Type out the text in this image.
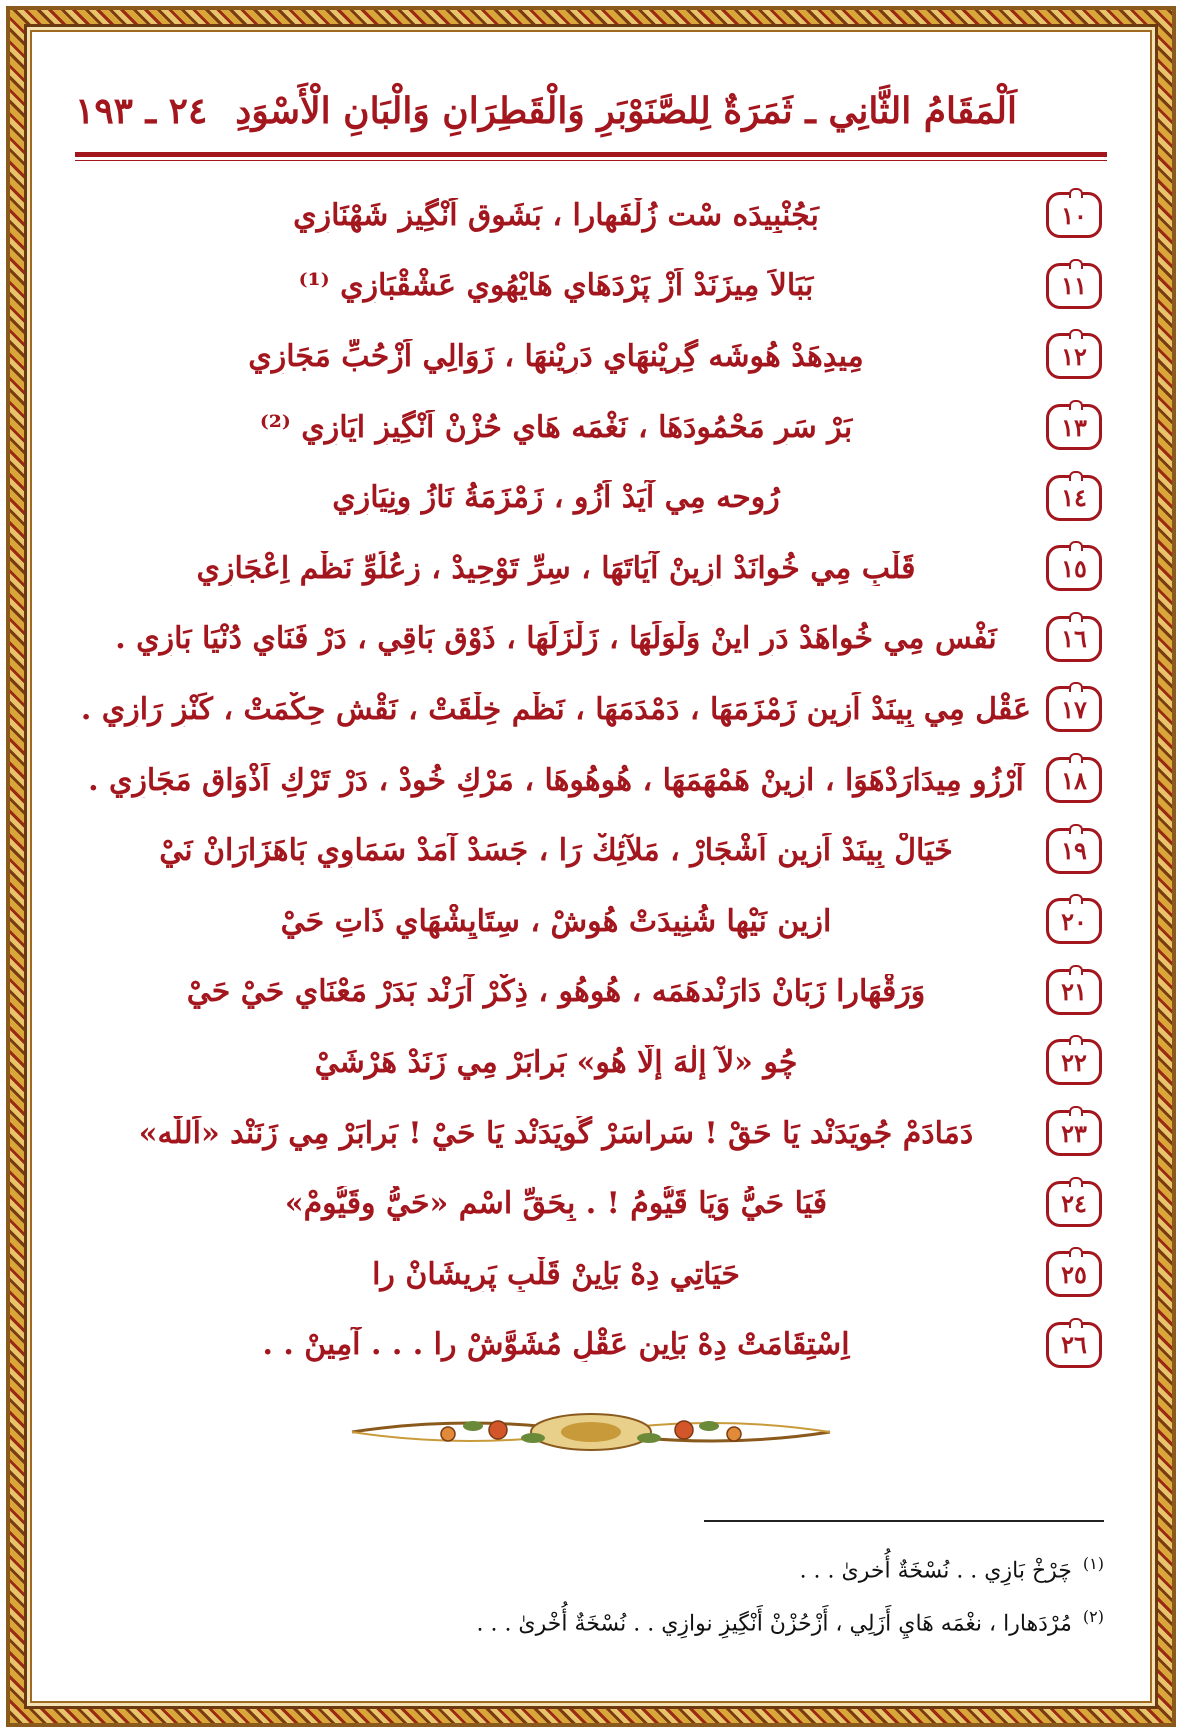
اَلْمَقَامُ الثَّانِي ـ ثَمَرَةٌ لِلصَّنَوْبَرِ وَالْقَطِرَانِ وَالْبَانِ الْأَسْوَدِ
٢٤ ـ ١٩٣
١٠
بَجُنْبِيدَه سْت زُلْفَهارا ، بَشَوق اَنْگِيز شَهْنَازِي
١١
بَبَالاَ مِيزَنَدْ اَزْ پَرْدَهَايِ هَايْهُوِي عَشْقْبَازِي ⁽¹⁾
١٢
مِيدِهَدْ هُوشَه گِرِيْنهَايِ دَرِيْنهَا ، زَوَالِي اَزْحُبِّ مَجَازِي
١٣
بَرْ سَرِ مَحْمُودَهَا ، نَغْمَه هَايِ حُزْنْ اَنْگِيزِ ايَازِي ⁽²⁾
١٤
رُوحه مِي آيَدْ اَزُو ، زَمْزَمَةُ نَازُ وِنِيَازِي
١٥
قَلْبِ مِي خُوانَدْ ازِينْ آيَاتَهَا ، سِرِّ تَوْحِيدْ ، زِعُلُوِّ نَظْمِ اِعْجَازِي
١٦
نَفْس مِي خُواهَدْ دَرِ اينْ وَلْوَلَهَا ، زَلْزَلَهَا ، ذَوْق بَاقِي ، دَرْ فَنَايِ دُنْيَا بَازِي .
١٧
عَقْل مِي بِينَدْ اَزِين زَمْزَمَهَا ، دَمْدَمَهَا ، نَظْم خِلْقَتْ ، نَقْشِ حِكْمَتْ ، كَنْزِ رَازِي .
١٨
آرْزُو مِيدَارَدْهَوَا ، ازِينْ هَمْهَمَهَا ، هُوهُوهَا ، مَرْكِ خُودْ ، دَرْ تَرْكِ اَذْوَاقِ مَجَازِي .
١٩
خَيَالْ بِينَدْ اَزِين اَشْجَارْ ، مَلآئِكْ رَا ، جَسَدْ آمَدْ سَمَاوِي بَاهَزَارَانْ نَيْ
٢٠
ازِين نَيْها شُنِيدَتْ هُوشْ ، سِتَايِشْهَايِ ذَاتِ حَيْ
٢١
وَرَقْهَارا زَبَانْ دَارَنْدهَمَه ، هُوهُو ، ذِكْرْ آرَنْد بَدَرْ مَعْنَايِ حَيْ حَيْ
٢٢
چُو «لآ إِلٰهَ إِلّا هُو» بَرابَرْ مِي زَنَدْ هَرْشَيْ
٢٣
دَمَادَمْ جُويَدَنْد يَا حَقْ ! سَراسَرْ گُويَدَنْد يَا حَيْ ! بَرابَرْ مِي زَنَنْد «اَللّٰه»
٢٤
فَيَا حَيُّ وَيَا قَيُّومُ ! . بِحَقِّ اسْمِ «حَيُّ وقَيُّومْ»
٢٥
حَيَاتِي دِهْ بَاِينْ قَلْبِ پَرِيشَانْ را
٢٦
اِسْتِقَامَتْ دِهْ بَاِين عَقْلِ مُشَوَّشْ را . . . آمِينْ . .
$^{(١)}$ چَرْخْ بَازِي . . نُسْخَةٌ أُخرىٰ . . .
$^{(٢)}$ مُرْدَهارا ، نغْمَه هَايِ أَزَلِي ، أَزْحُزْنْ أَنْگِيزِ نوازِي . . نُسْخَةٌ أُخْرىٰ . . .
